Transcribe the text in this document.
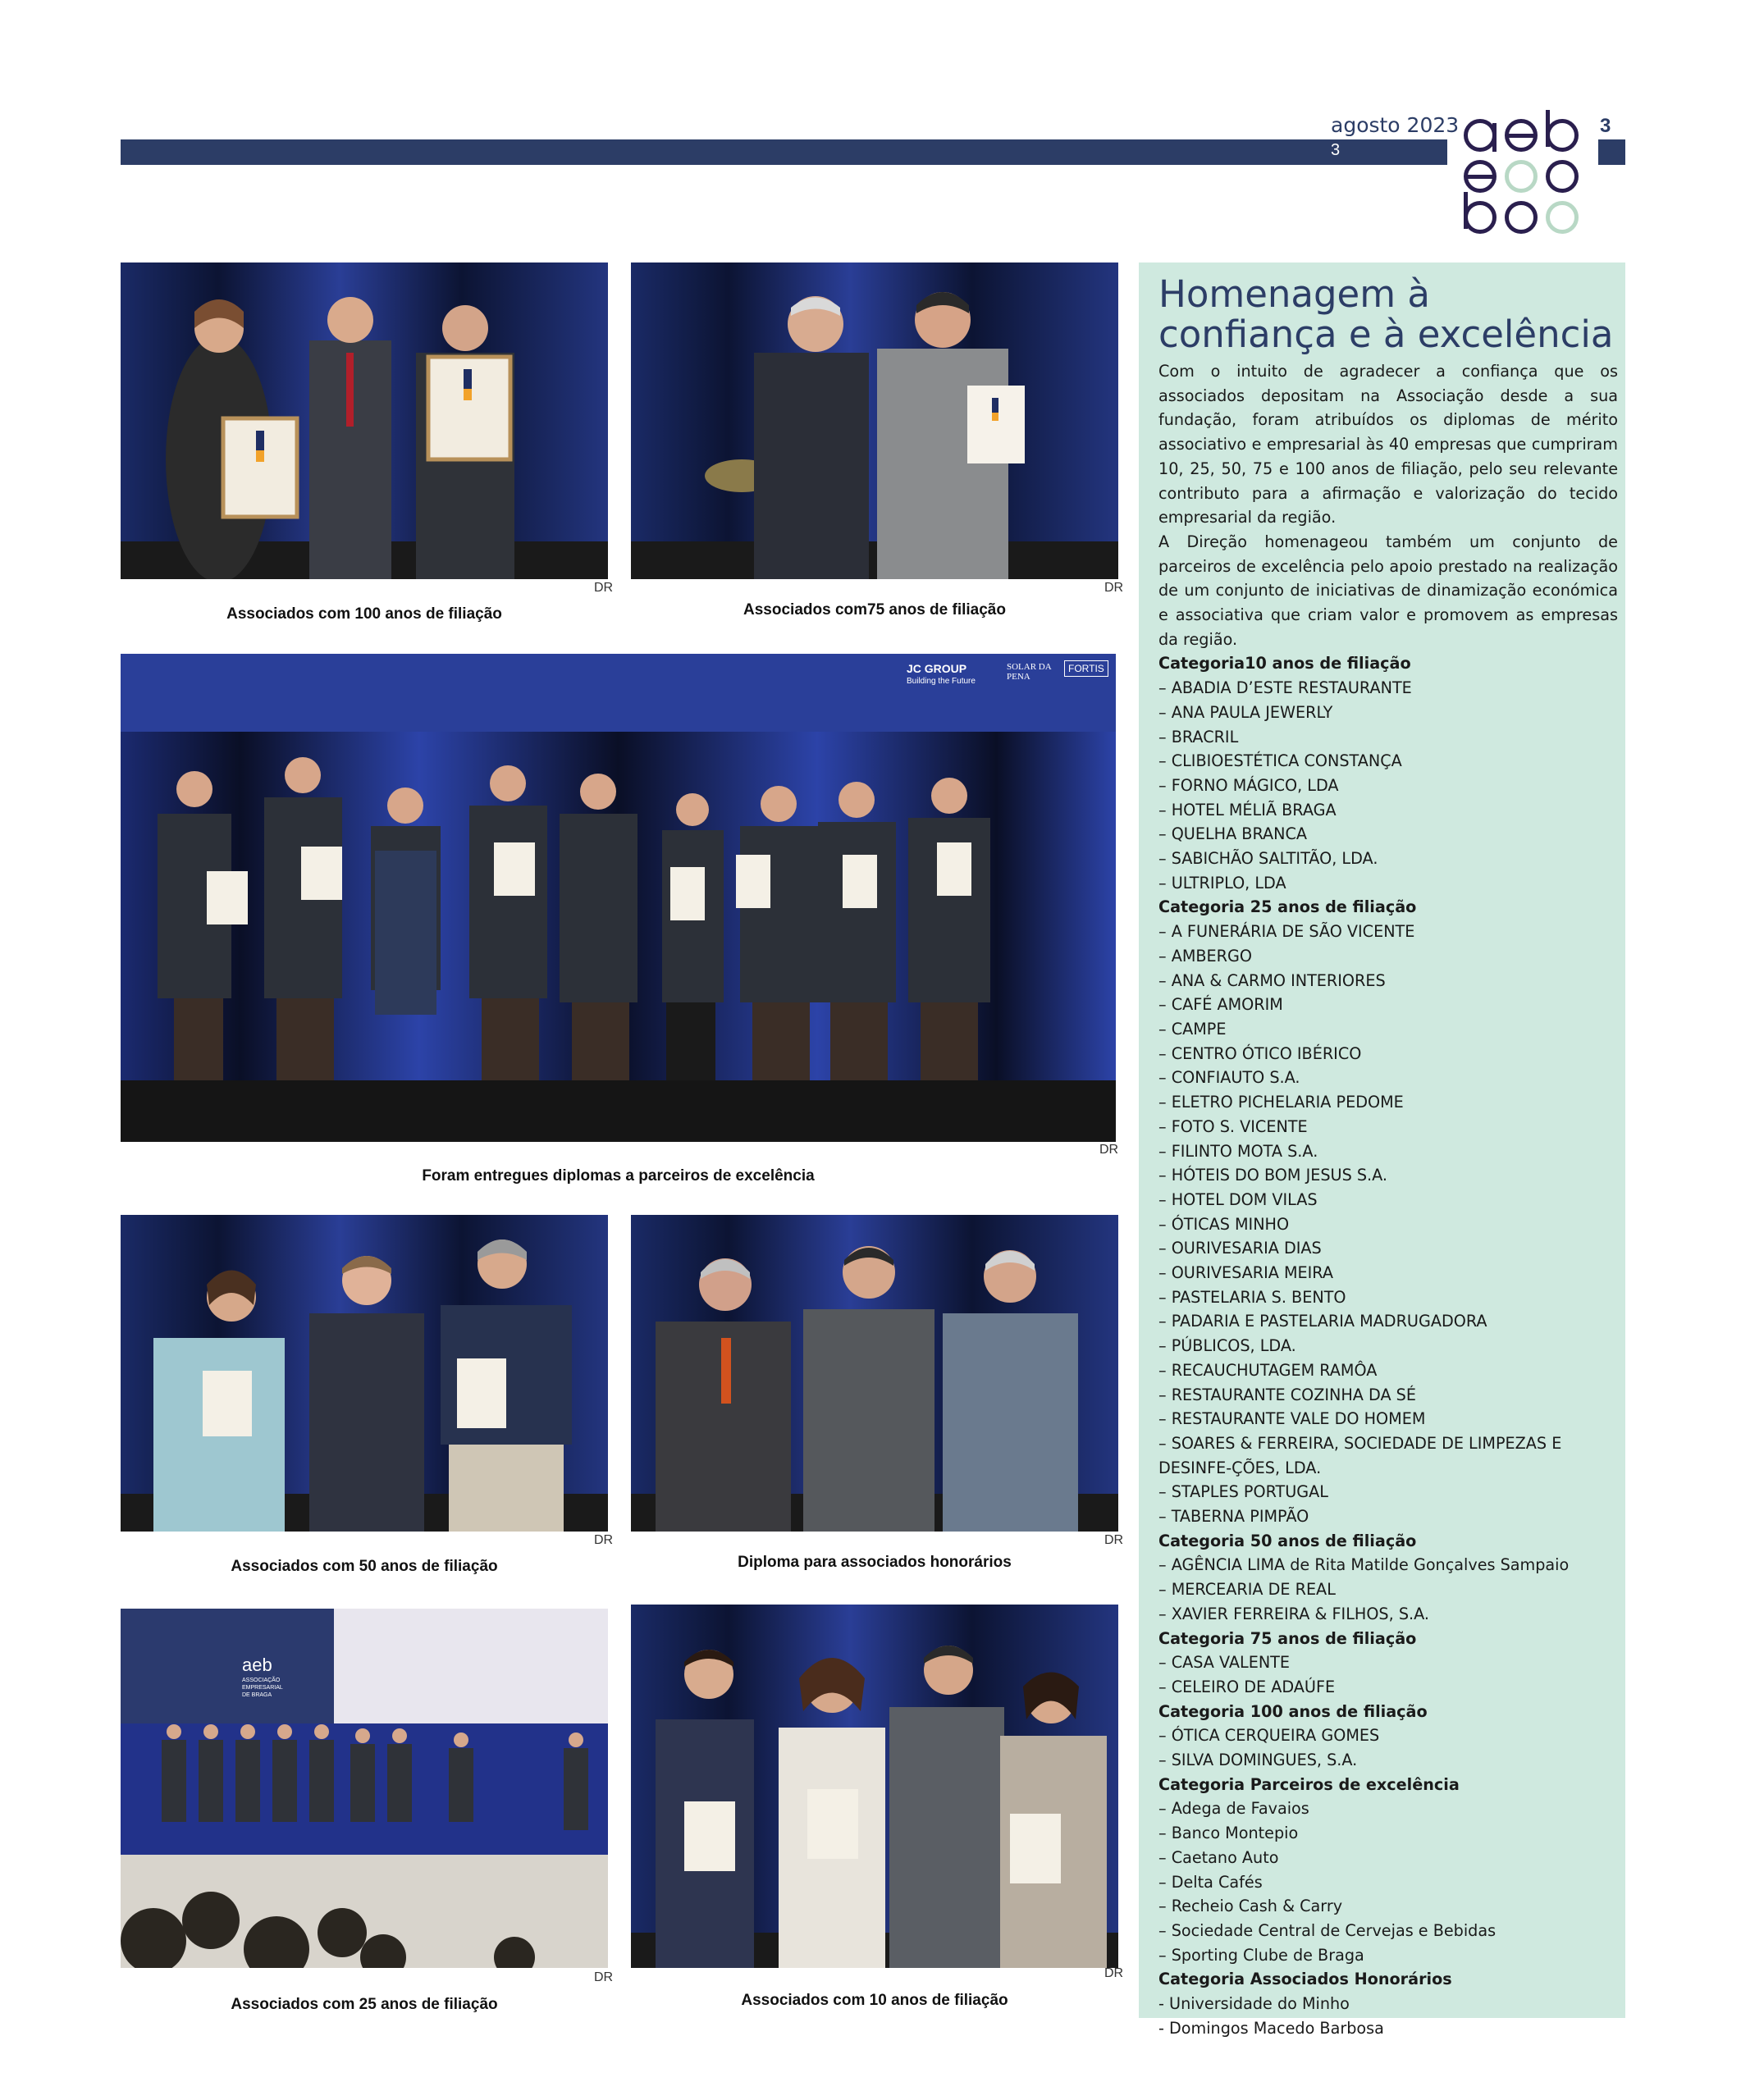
agosto 2023
3
3
DR
Associados com 100 anos de filiação
DR
Associados com75 anos de filiação
JC GROUP
Building the Future
SOLAR DA PENA
FORTIS
DR
Foram entregues diplomas a parceiros de excelência
DR
Associados com 50 anos de filiação
DR
Diploma para associados honorários
aeb
ASSOCIAÇÃO
EMPRESARIAL
DE BRAGA
DR
Associados com 25 anos de filiação
DR
Associados com 10 anos de filiação
Homenagem à confiança e à excelência

Com o intuito de agradecer a confiança que os associados depositam na Associação desde a sua fundação, foram atribuídos os diplomas de mérito associativo e empresarial às 40 empresas que cumpriram 10, 25, 50, 75 e 100 anos de filiação, pelo seu relevante contributo para a afirmação e valorização do tecido empresarial da região.

A Direção homenageou também um conjunto de parceiros de excelência pelo apoio prestado na realização de um conjunto de iniciativas de dinamização económica e associativa que criam valor e promovem as empresas da região.

Categoria10 anos de filiação
– ABADIA D’ESTE RESTAURANTE
– ANA PAULA JEWERLY
– BRACRIL
– CLIBIOESTÉTICA CONSTANÇA
– FORNO MÁGICO, LDA
– HOTEL MÉLIÃ BRAGA
– QUELHA BRANCA
– SABICHÃO SALTITÃO, LDA.
– ULTRIPLO, LDA
Categoria 25 anos de filiação
– A FUNERÁRIA DE SÃO VICENTE
– AMBERGO
– ANA & CARMO INTERIORES
– CAFÉ AMORIM
– CAMPE
– CENTRO ÓTICO IBÉRICO
– CONFIAUTO S.A.
– ELETRO PICHELARIA PEDOME
– FOTO S. VICENTE
– FILINTO MOTA S.A.
– HÓTEIS DO BOM JESUS S.A.
– HOTEL DOM VILAS
– ÓTICAS MINHO
– OURIVESARIA DIAS
– OURIVESARIA MEIRA
– PASTELARIA S. BENTO
– PADARIA E PASTELARIA MADRUGADORA
– PÚBLICOS, LDA.
– RECAUCHUTAGEM RAMÔA
– RESTAURANTE COZINHA DA SÉ
– RESTAURANTE VALE DO HOMEM
– SOARES & FERREIRA, SOCIEDADE DE LIMPEZAS E DESINFE-ÇÕES, LDA.
– STAPLES PORTUGAL
– TABERNA PIMPÃO
Categoria 50 anos de filiação
– AGÊNCIA LIMA de Rita Matilde Gonçalves Sampaio
– MERCEARIA DE REAL
– XAVIER FERREIRA & FILHOS, S.A.
Categoria 75 anos de filiação
– CASA VALENTE
– CELEIRO DE ADAÚFE
Categoria 100 anos de filiação
– ÓTICA CERQUEIRA GOMES
– SILVA DOMINGUES, S.A.
Categoria Parceiros de excelência
– Adega de Favaios
– Banco Montepio
– Caetano Auto
– Delta Cafés
– Recheio Cash & Carry
– Sociedade Central de Cervejas e Bebidas
– Sporting Clube de Braga
Categoria Associados Honorários
- Universidade do Minho
- Domingos Macedo Barbosa
